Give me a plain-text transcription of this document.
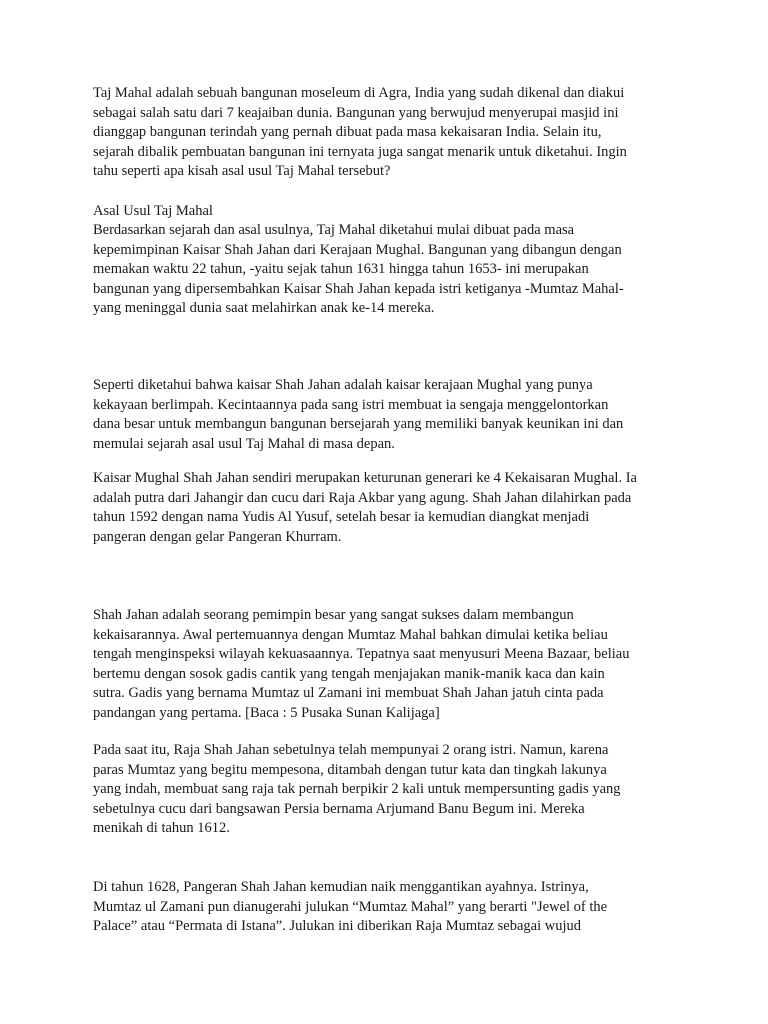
Taj Mahal adalah sebuah bangunan moseleum di Agra, India yang sudah dikenal dan diakui
sebagai salah satu dari 7 keajaiban dunia. Bangunan yang berwujud menyerupai masjid ini
dianggap bangunan terindah yang pernah dibuat pada masa kekaisaran India. Selain itu,
sejarah dibalik pembuatan bangunan ini ternyata juga sangat menarik untuk diketahui. Ingin
tahu seperti apa kisah asal usul Taj Mahal tersebut?

Asal Usul Taj Mahal

Berdasarkan sejarah dan asal usulnya, Taj Mahal diketahui mulai dibuat pada masa
kepemimpinan Kaisar Shah Jahan dari Kerajaan Mughal. Bangunan yang dibangun dengan
memakan waktu 22 tahun, -yaitu sejak tahun 1631 hingga tahun 1653- ini merupakan
bangunan yang dipersembahkan Kaisar Shah Jahan kepada istri ketiganya -Mumtaz Mahal-
yang meninggal dunia saat melahirkan anak ke-14 mereka.

Seperti diketahui bahwa kaisar Shah Jahan adalah kaisar kerajaan Mughal yang punya
kekayaan berlimpah. Kecintaannya pada sang istri membuat ia sengaja menggelontorkan
dana besar untuk membangun bangunan bersejarah yang memiliki banyak keunikan ini dan
memulai sejarah asal usul Taj Mahal di masa depan.

Kaisar Mughal Shah Jahan sendiri merupakan keturunan generari ke 4 Kekaisaran Mughal. Ia
adalah putra dari Jahangir dan cucu dari Raja Akbar yang agung. Shah Jahan dilahirkan pada
tahun 1592 dengan nama Yudis Al Yusuf, setelah besar ia kemudian diangkat menjadi
pangeran dengan gelar Pangeran Khurram.

Shah Jahan adalah seorang pemimpin besar yang sangat sukses dalam membangun
kekaisarannya. Awal pertemuannya dengan Mumtaz Mahal bahkan dimulai ketika beliau
tengah menginspeksi wilayah kekuasaannya. Tepatnya saat menyusuri Meena Bazaar, beliau
bertemu dengan sosok gadis cantik yang tengah menjajakan manik-manik kaca dan kain
sutra. Gadis yang bernama Mumtaz ul Zamani ini membuat Shah Jahan jatuh cinta pada
pandangan yang pertama. [Baca : 5 Pusaka Sunan Kalijaga]

Pada saat itu, Raja Shah Jahan sebetulnya telah mempunyai 2 orang istri. Namun, karena
paras Mumtaz yang begitu mempesona, ditambah dengan tutur kata dan tingkah lakunya
yang indah, membuat sang raja tak pernah berpikir 2 kali untuk mempersunting gadis yang
sebetulnya cucu dari bangsawan Persia bernama Arjumand Banu Begum ini. Mereka
menikah di tahun 1612.

Di tahun 1628, Pangeran Shah Jahan kemudian naik menggantikan ayahnya. Istrinya,
Mumtaz ul Zamani pun dianugerahi julukan “Mumtaz Mahal” yang berarti "Jewel of the
Palace” atau “Permata di Istana”. Julukan ini diberikan Raja Mumtaz sebagai wujud
